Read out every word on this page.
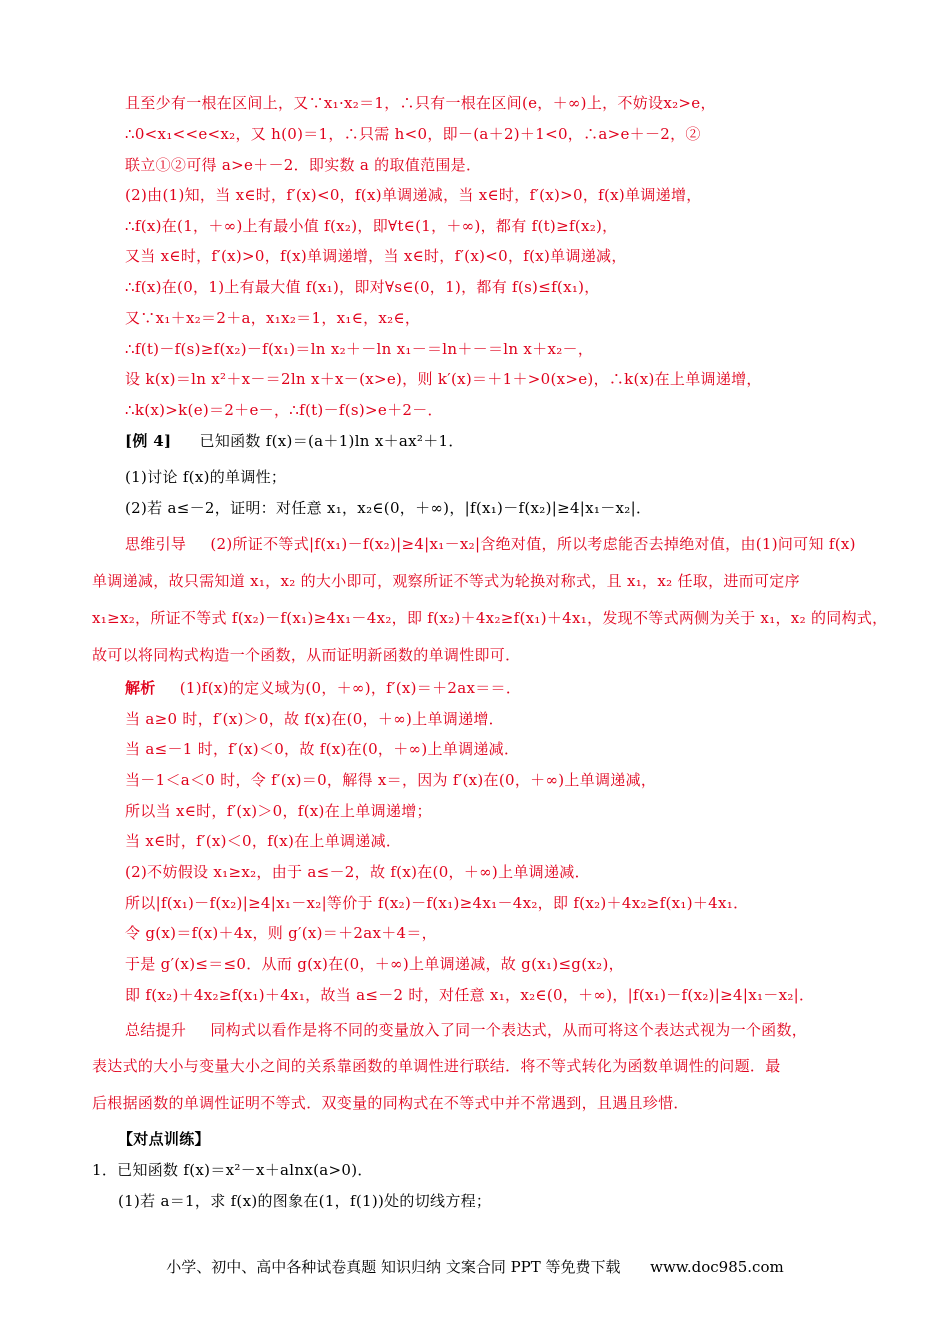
且至少有一根在区间上，又∵x₁·x₂＝1，∴只有一根在区间(e，＋∞)上，不妨设x₂>e，
∴0<x₁<<e<x₂，又 h(0)＝1，∴只需 h<0，即－(a＋2)＋1<0，∴a>e＋－2，②
联立①②可得 a>e＋－2．即实数 a 的取值范围是．
(2)由(1)知，当 x∈时，f′(x)<0，f(x)单调递减，当 x∈时，f′(x)>0，f(x)单调递增，
∴f(x)在(1，＋∞)上有最小值 f(x₂)，即∀t∈(1，＋∞)，都有 f(t)≥f(x₂)，
又当 x∈时，f′(x)>0，f(x)单调递增，当 x∈时，f′(x)<0，f(x)单调递减，
∴f(x)在(0，1)上有最大值 f(x₁)，即对∀s∈(0，1)，都有 f(s)≤f(x₁)，
又∵x₁＋x₂＝2＋a，x₁x₂＝1，x₁∈，x₂∈，
∴f(t)－f(s)≥f(x₂)－f(x₁)＝ln x₂＋－ln x₁－＝ln＋－＝ln x＋x₂－，
设 k(x)＝ln x²＋x－＝2ln x＋x－(x>e)，则 k′(x)＝＋1＋>0(x>e)，∴k(x)在上单调递增，
∴k(x)>k(e)＝2＋e－，∴f(t)－f(s)>e＋2－．
[例 4] 已知函数 f(x)＝(a＋1)ln x＋ax²＋1．
(1)讨论 f(x)的单调性；
(2)若 a≤－2，证明：对任意 x₁，x₂∈(0，＋∞)，|f(x₁)－f(x₂)|≥4|x₁－x₂|．
思维引导 (2)所证不等式|f(x₁)－f(x₂)|≥4|x₁－x₂|含绝对值，所以考虑能否去掉绝对值，由(1)问可知 f(x)
单调递减，故只需知道 x₁，x₂ 的大小即可，观察所证不等式为轮换对称式，且 x₁，x₂ 任取，进而可定序
x₁≥x₂，所证不等式 f(x₂)－f(x₁)≥4x₁－4x₂，即 f(x₂)＋4x₂≥f(x₁)＋4x₁，发现不等式两侧为关于 x₁，x₂ 的同构式，
故可以将同构式构造一个函数，从而证明新函数的单调性即可．
解析 (1)f(x)的定义域为(0，＋∞)，f′(x)＝＋2ax＝＝．
当 a≥0 时，f′(x)＞0，故 f(x)在(0，＋∞)上单调递增．
当 a≤－1 时，f′(x)＜0，故 f(x)在(0，＋∞)上单调递减．
当－1＜a＜0 时，令 f′(x)＝0，解得 x＝，因为 f′(x)在(0，＋∞)上单调递减，
所以当 x∈时，f′(x)＞0，f(x)在上单调递增；
当 x∈时，f′(x)＜0，f(x)在上单调递减．
(2)不妨假设 x₁≥x₂，由于 a≤－2，故 f(x)在(0，＋∞)上单调递减．
所以|f(x₁)－f(x₂)|≥4|x₁－x₂|等价于 f(x₂)－f(x₁)≥4x₁－4x₂，即 f(x₂)＋4x₂≥f(x₁)＋4x₁．
令 g(x)＝f(x)＋4x，则 g′(x)＝＋2ax＋4＝，
于是 g′(x)≤＝≤0．从而 g(x)在(0，＋∞)上单调递减，故 g(x₁)≤g(x₂)，
即 f(x₂)＋4x₂≥f(x₁)＋4x₁，故当 a≤－2 时，对任意 x₁，x₂∈(0，＋∞)，|f(x₁)－f(x₂)|≥4|x₁－x₂|．
总结提升 同构式以看作是将不同的变量放入了同一个表达式，从而可将这个表达式视为一个函数，
表达式的大小与变量大小之间的关系靠函数的单调性进行联结．将不等式转化为函数单调性的问题．最
后根据函数的单调性证明不等式．双变量的同构式在不等式中并不常遇到，且遇且珍惜．
【对点训练】
1．已知函数 f(x)＝x²－x＋alnx(a>0)．
(1)若 a＝1，求 f(x)的图象在(1，f(1))处的切线方程；
小学、初中、高中各种试卷真题 知识归纳 文案合同 PPT 等免费下载 www.doc985.com
